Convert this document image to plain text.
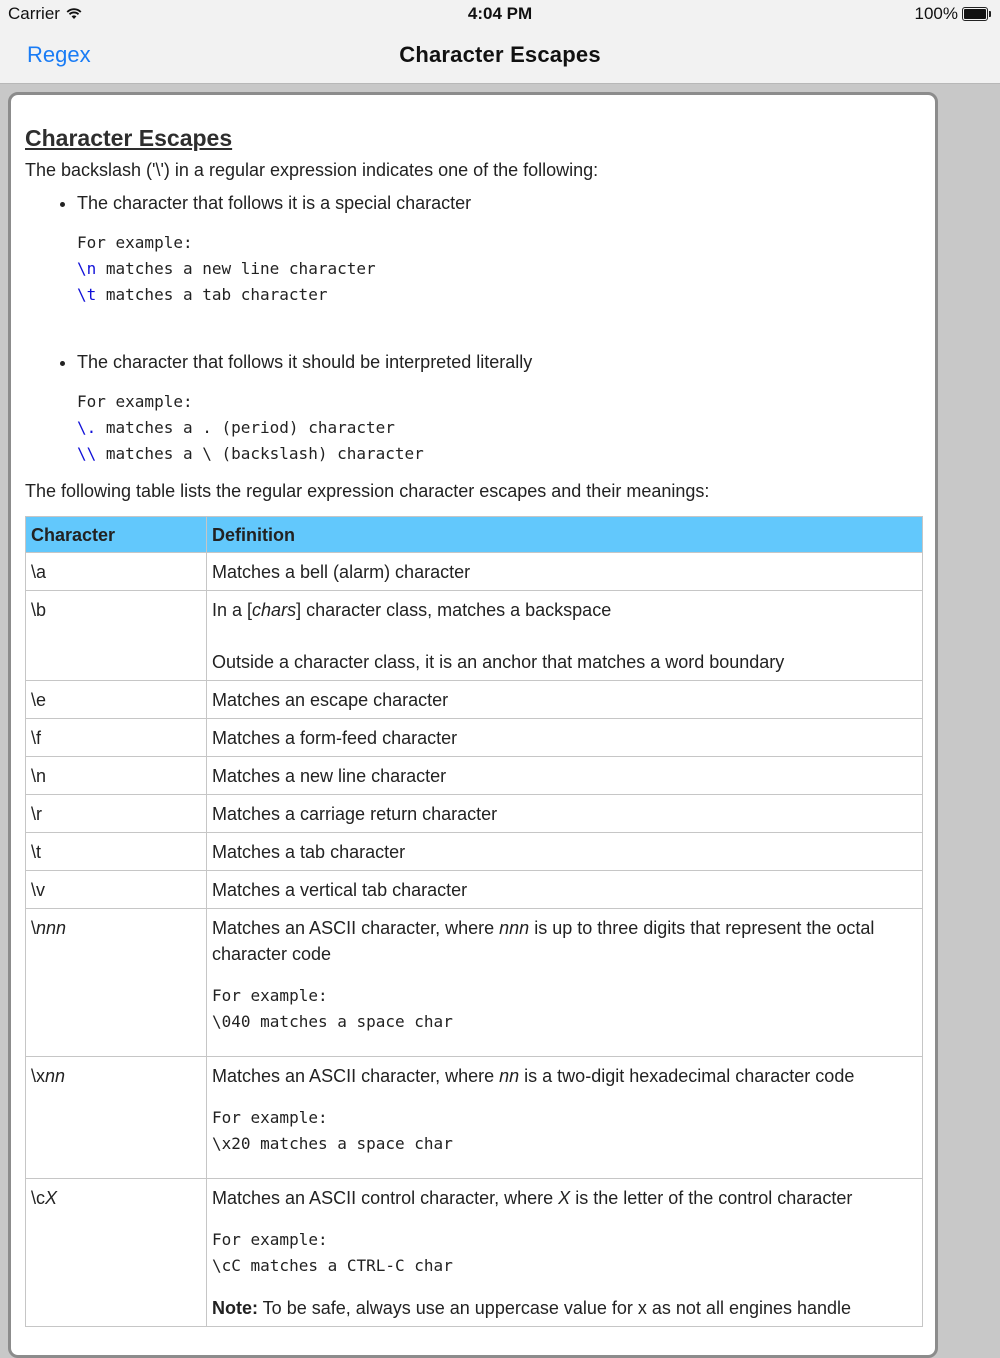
Carrier	4:04 PM	100%
Regex	Character Escapes
Character Escapes

The backslash ('\') in a regular expression indicates one of the following:

• The character that follows it is a special character
For example:
\n matches a new line character
\t matches a tab character
• The character that follows it should be interpreted literally
For example:
\. matches a . (period) character
\\ matches a \ (backslash) character

The following table lists the regular expression character escapes and their meanings:

Character	Definition
\a	Matches a bell (alarm) character
\b	In a [chars] character class, matches a backspace
Outside a character class, it is an anchor that matches a word boundary

\e	Matches an escape character
\f	Matches a form-feed character
\n	Matches a new line character
\r	Matches a carriage return character
\t	Matches a tab character
\v	Matches a vertical tab character
\nnn	Matches an ASCII character, where nnn is up to three digits that represent the octal character code
For example:
\040 matches a space char

\xnn	Matches an ASCII character, where nn is a two-digit hexadecimal character code
For example:
\x20 matches a space char

\cX	Matches an ASCII control character, where X is the letter of the control character
For example:
\cC matches a CTRL-C char
Note: To be safe, always use an uppercase value for x as not all engines handle
